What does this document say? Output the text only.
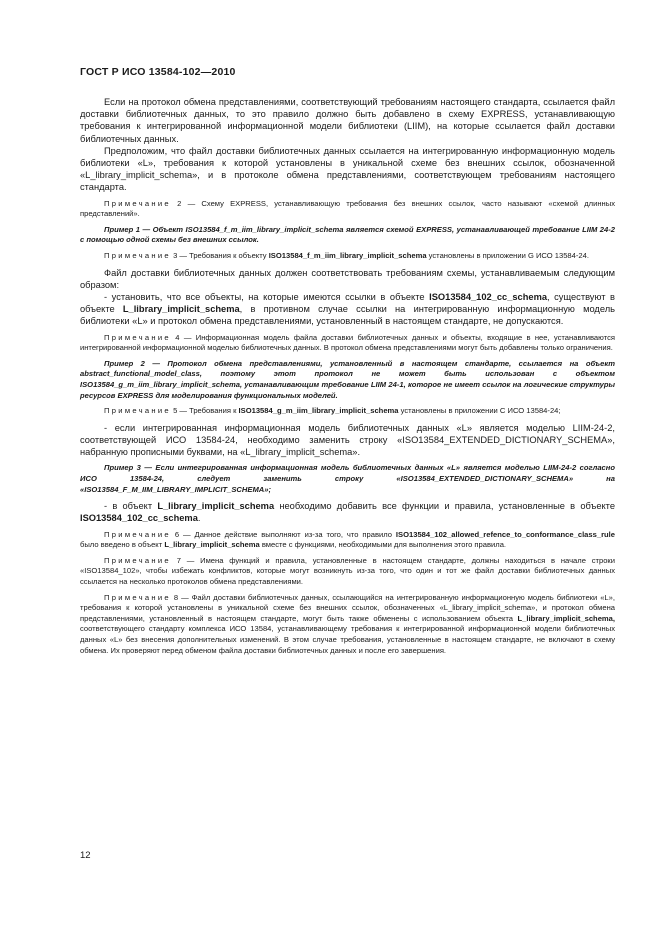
ГОСТ Р ИСО 13584-102—2010

Если на протокол обмена представлениями, соответствующий требованиям настоящего стандарта, ссылается файл доставки библиотечных данных, то это правило должно быть добавлено в схему EXPRESS, устанавливающую требования к интегрированной информационной модели библиотеки (LIIM), на которые ссылается файл доставки библиотечных данных.

Предположим, что файл доставки библиотечных данных ссылается на интегрированную информационную модель библиотеки «L», требования к которой установлены в уникальной схеме без внешних ссылок, обозначенной «L_library_implicit_schema», и в протоколе обмена представлениями, соответствующем требованиям настоящего стандарта.

Примечание 2 — Схему EXPRESS, устанавливающую требования без внешних ссылок, часто называют «схемой длинных представлений».

Пример 1 — Объект ISO13584_f_m_iim_library_implicit_schema является схемой EXPRESS, устанавливающей требование LIIM 24-2 с помощью одной схемы без внешних ссылок.

Примечание 3 — Требования к объекту ISO13584_f_m_iim_library_implicit_schema установлены в приложении G ИСО 13584-24.

Файл доставки библиотечных данных должен соответствовать требованиям схемы, устанавливаемым следующим образом:

- установить, что все объекты, на которые имеются ссылки в объекте ISO13584_102_cc_schema, существуют в объекте L_library_implicit_schema, в противном случае ссылки на интегрированную информационную модель библиотеки «L» и протокол обмена представлениями, установленный в настоящем стандарте, не допускаются.

Примечание 4 — Информационная модель файла доставки библиотечных данных и объекты, входящие в нее, устанавливаются интегрированной информационной моделью библиотечных данных. В протокол обмена представлениями могут быть добавлены только ограничения.

Пример 2 — Протокол обмена представлениями, установленный в настоящем стандарте, ссылается на объект abstract_functional_model_class, поэтому этот протокол не может быть использован с объектом ISO13584_g_m_iim_library_implicit_schema, устанавливающим требование LIIM 24-1, которое не имеет ссылок на логические структуры ресурсов EXPRESS для моделирования функциональных моделей.

Примечание 5 — Требования к ISO13584_g_m_iim_library_implicit_schema установлены в приложении С ИСО 13584-24;

- если интегрированная информационная модель библиотечных данных «L» является моделью LIIM-24-2, соответствующей ИСО 13584-24, необходимо заменить строку «ISO13584_EXTENDED_DICTIONARY_SCHEMA», набранную прописными буквами, на «L_library_implicit_schema».

Пример 3 — Если интегрированная информационная модель библиотечных данных «L» является моделью LIIM-24-2 согласно ИСО 13584-24, следует заменить строку «ISO13584_EXTENDED_DICTIONARY_SCHEMA» на «ISO13584_F_M_IIM_LIBRARY_IMPLICIT_SCHEMA»;

- в объект L_library_implicit_schema необходимо добавить все функции и правила, установленные в объекте ISO13584_102_cc_schema.

Примечание 6 — Данное действие выполняют из-за того, что правило ISO13584_102_allowed_refence_to_conformance_class_rule было введено в объект L_library_implicit_schema вместе с функциями, необходимыми для выполнения этого правила.

Примечание 7 — Имена функций и правила, установленные в настоящем стандарте, должны находиться в начале строки «ISO13584_102», чтобы избежать конфликтов, которые могут возникнуть из-за того, что один и тот же файл доставки библиотечных данных ссылается на несколько протоколов обмена представлениями.

Примечание 8 — Файл доставки библиотечных данных, ссылающийся на интегрированную информационную модель библиотеки «L», требования к которой установлены в уникальной схеме без внешних ссылок, обозначенных «L_library_implicit_schema», и протокол обмена представлениями, установленный в настоящем стандарте, могут быть также обменены с использованием объекта L_library_implicit_schema, соответствующего стандарту комплекса ИСО 13584, устанавливающему требования к интегрированной информационной модели библиотечных данных «L» без внесения дополнительных изменений. В этом случае требования, установленные в настоящем стандарте, не включают в схему обмена. Их проверяют перед обменом файла доставки библиотечных данных и после его завершения.

12
